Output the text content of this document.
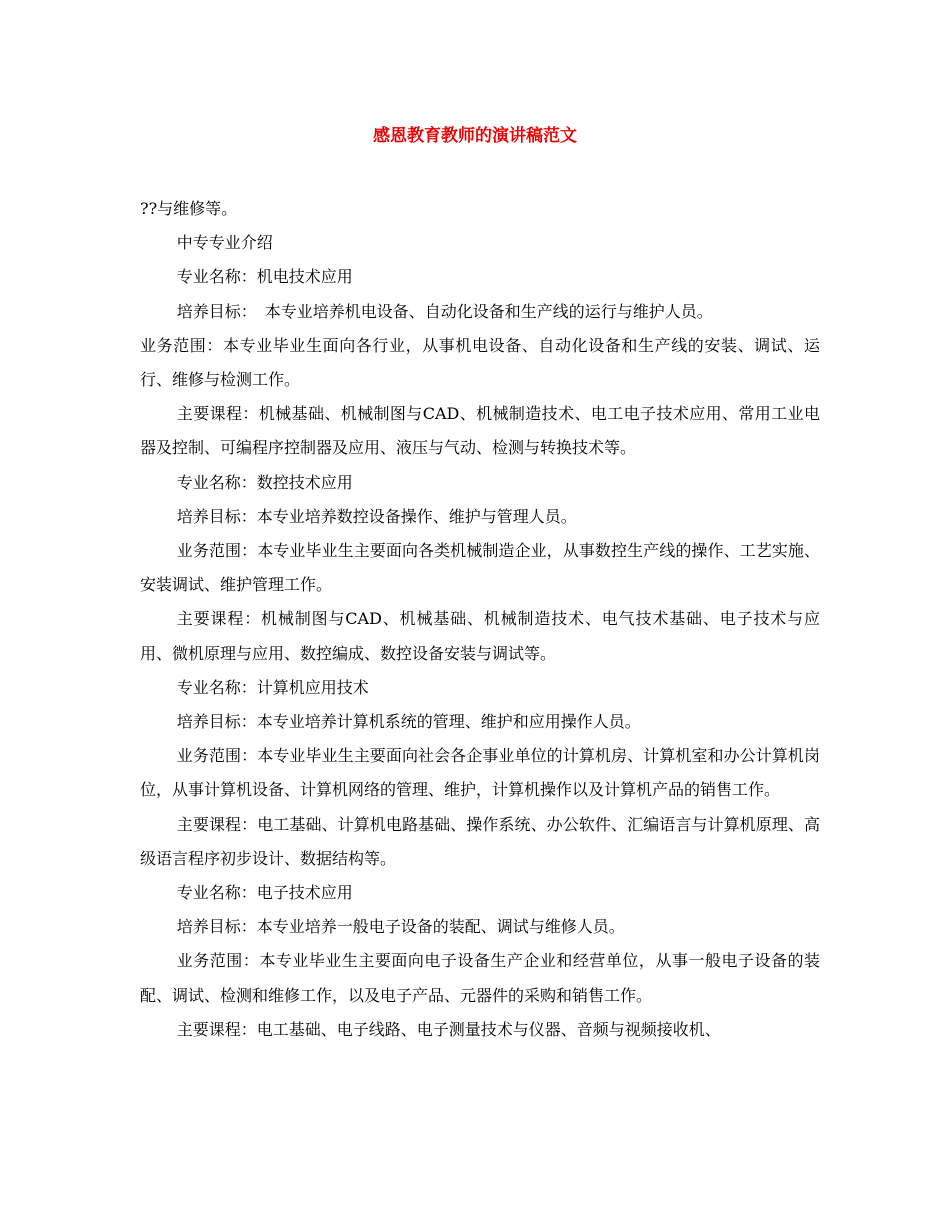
感恩教育教师的演讲稿范文

??与维修等。

中专专业介绍

专业名称：机电技术应用

培养目标：　本专业培养机电设备、自动化设备和生产线的运行与维护人员。

业务范围：本专业毕业生面向各行业，从事机电设备、自动化设备和生产线的安装、调试、运行、维修与检测工作。

主要课程：机械基础、机械制图与CAD、机械制造技术、电工电子技术应用、常用工业电器及控制、可编程序控制器及应用、液压与气动、检测与转换技术等。

专业名称：数控技术应用

培养目标：本专业培养数控设备操作、维护与管理人员。

业务范围：本专业毕业生主要面向各类机械制造企业，从事数控生产线的操作、工艺实施、安装调试、维护管理工作。

主要课程：机械制图与CAD、机械基础、机械制造技术、电气技术基础、电子技术与应用、微机原理与应用、数控编成、数控设备安装与调试等。

专业名称：计算机应用技术

培养目标：本专业培养计算机系统的管理、维护和应用操作人员。

业务范围：本专业毕业生主要面向社会各企事业单位的计算机房、计算机室和办公计算机岗位，从事计算机设备、计算机网络的管理、维护，计算机操作以及计算机产品的销售工作。

主要课程：电工基础、计算机电路基础、操作系统、办公软件、汇编语言与计算机原理、高级语言程序初步设计、数据结构等。

专业名称：电子技术应用

培养目标：本专业培养一般电子设备的装配、调试与维修人员。

业务范围：本专业毕业生主要面向电子设备生产企业和经营单位，从事一般电子设备的装配、调试、检测和维修工作，以及电子产品、元器件的采购和销售工作。

主要课程：电工基础、电子线路、电子测量技术与仪器、音频与视频接收机、
